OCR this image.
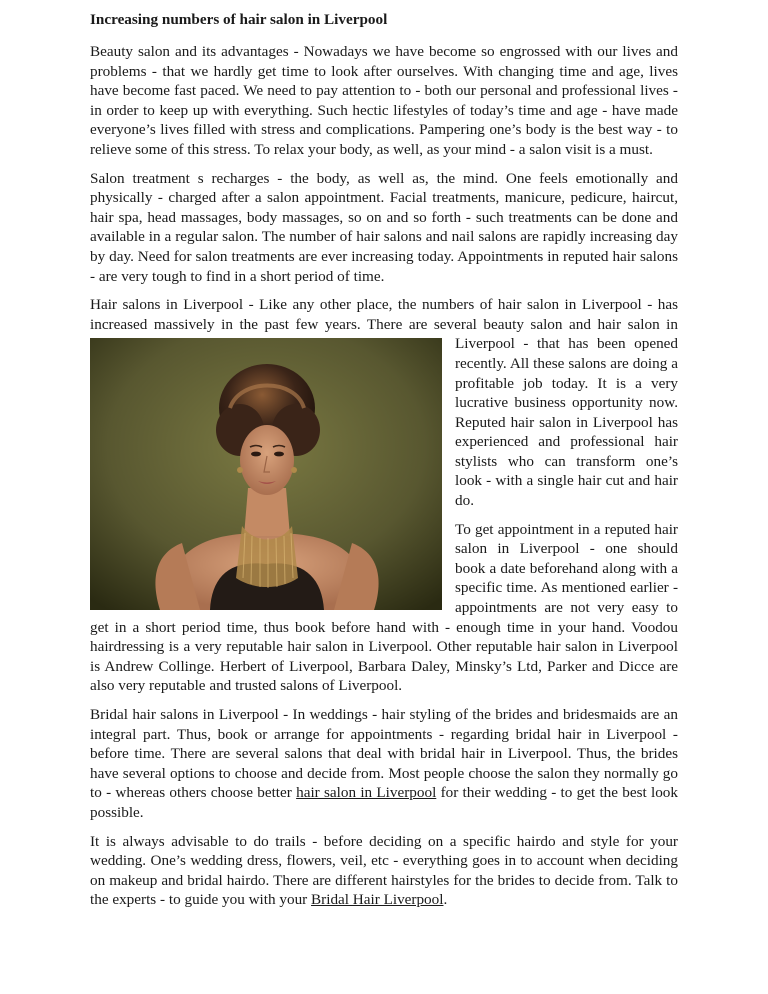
Increasing numbers of hair salon in Liverpool

Beauty salon and its advantages - Nowadays we have become so engrossed with our lives and problems - that we hardly get time to look after ourselves. With changing time and age, lives have become fast paced. We need to pay attention to - both our personal and professional lives - in order to keep up with everything. Such hectic lifestyles of today’s time and age - have made everyone’s lives filled with stress and complications. Pampering one’s body is the best way - to relieve some of this stress. To relax your body, as well, as your mind - a salon visit is a must.

Salon treatment s recharges - the body, as well as, the mind. One feels emotionally and physically - charged after a salon appointment. Facial treatments, manicure, pedicure, haircut, hair spa, head massages, body massages, so on and so forth - such treatments can be done and available in a regular salon. The number of hair salons and nail salons are rapidly increasing day by day. Need for salon treatments are ever increasing today. Appointments in reputed hair salons - are very tough to find in a short period of time.

Hair salons in Liverpool - Like any other place, the numbers of hair salon in Liverpool - has increased massively in the past few years. There are several beauty salon and
hair salon in Liverpool - that has been opened recently. All these salons are doing a profitable job today. It is a very lucrative business opportunity now. Reputed hair salon in Liverpool has experienced and professional hair stylists who can transform one’s look - with a single hair cut and hair do.

To get appointment in a reputed hair salon in Liverpool - one should book a date beforehand along with a specific time. As mentioned earlier - appointments are not very easy to get in a short period time, thus book before hand with - enough time in your hand. Voodou hairdressing is a very reputable hair salon in Liverpool. Other reputable hair salon in Liverpool is Andrew Collinge. Herbert of Liverpool, Barbara Daley, Minsky’s Ltd, Parker and Dicce are also very reputable and trusted salons of Liverpool.

Bridal hair salons in Liverpool - In weddings - hair styling of the brides and bridesmaids are an integral part. Thus, book or arrange for appointments - regarding bridal hair in Liverpool - before time. There are several salons that deal with bridal hair in Liverpool. Thus, the brides have several options to choose and decide from. Most people choose the salon they normally go to - whereas others choose better hair salon in Liverpool for their wedding - to get the best look possible.

It is always advisable to do trails - before deciding on a specific hairdo and style for your wedding. One’s wedding dress, flowers, veil, etc - everything goes in to account when deciding on makeup and bridal hairdo. There are different hairstyles for the brides to decide from. Talk to the experts - to guide you with your Bridal Hair Liverpool.
